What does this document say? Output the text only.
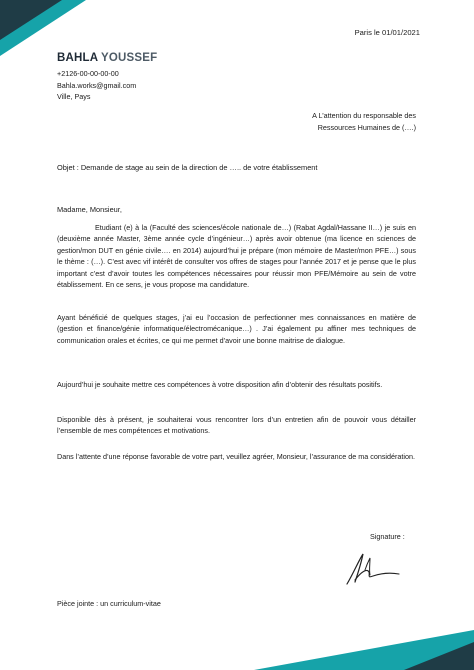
Paris le 01/01/2021
BAHLA YOUSSEF
+2126-00-00-00-00
Bahla.works@gmail.com
Ville, Pays
A L’attention du responsable des
Ressources Humaines de (….)
Objet : Demande de stage au sein de la direction de ….. de votre établissement
Madame, Monsieur,
Etudiant (e) à la (Faculté des sciences/école nationale de…) (Rabat Agdal/Hassane II…) je suis en (deuxième année Master, 3ème année cycle d’ingénieur…) après avoir obtenue (ma licence en sciences de gestion/mon DUT en génie civile…. en 2014) aujourd’hui je prépare (mon mémoire de Master/mon PFE…) sous le thème : (…). C’est avec vif intérêt de consulter vos offres de stages pour l’année 2017 et je pense que le plus important c’est d’avoir toutes les compétences nécessaires pour réussir mon PFE/Mémoire au sein de votre établissement. En ce sens, je vous propose ma candidature.
Ayant bénéficié de quelques stages, j’ai eu l’occasion de perfectionner mes connaissances en matière de (gestion et finance/génie informatique/électromécanique…) . J’ai également pu affiner mes techniques de communication orales et écrites, ce qui me permet d’avoir une bonne maitrise de dialogue.
Aujourd’hui je souhaite mettre ces compétences à votre disposition afin d’obtenir des résultats positifs.
Disponible dès à présent, je souhaiterai vous rencontrer lors d’un entretien afin de pouvoir vous détailler l’ensemble de mes compétences et motivations.
Dans l’attente d’une réponse favorable de votre part, veuillez agréer, Monsieur, l’assurance de ma considération.
Signature :
Pièce jointe : un curriculum-vitae
